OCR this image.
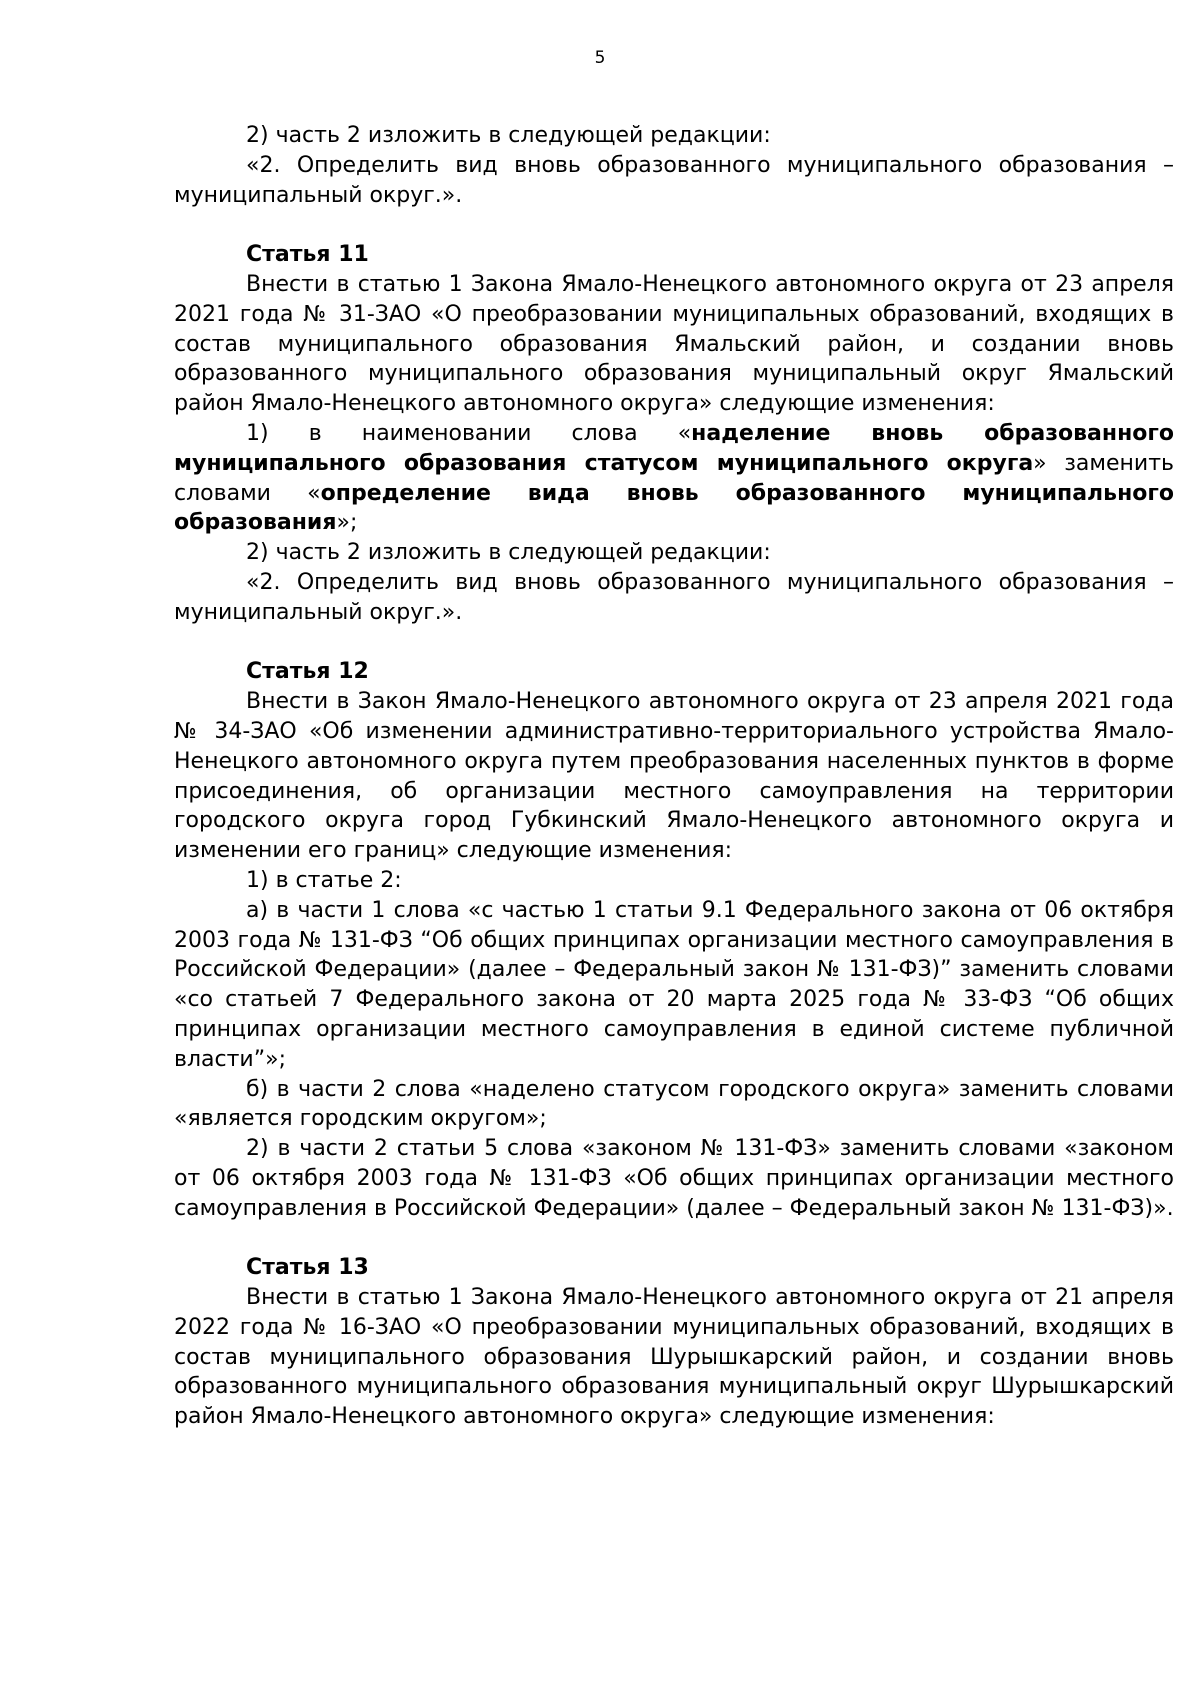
5

2) часть 2 изложить в следующей редакции:

«2. Определить вид вновь образованного муниципального образования – муниципальный округ.».

Статья 11

Внести в статью 1 Закона Ямало-Ненецкого автономного округа от 23 апреля 2021 года № 31-ЗАО «О преобразовании муниципальных образований, входящих в состав муниципального образования Ямальский район, и создании вновь образованного муниципального образования муниципальный округ Ямальский район Ямало-Ненецкого автономного округа» следующие изменения:

1) в наименовании слова «наделение вновь образованного муниципального образования статусом муниципального округа» заменить словами «определение вида вновь образованного муниципального образования»;

2) часть 2 изложить в следующей редакции:

«2. Определить вид вновь образованного муниципального образования – муниципальный округ.».

Статья 12

Внести в Закон Ямало-Ненецкого автономного округа от 23 апреля 2021 года № 34-ЗАО «Об изменении административно-территориального устройства Ямало-Ненецкого автономного округа путем преобразования населенных пунктов в форме присоединения, об организации местного самоуправления на территории городского округа город Губкинский Ямало-Ненецкого автономного округа и изменении его границ» следующие изменения:

1) в статье 2:

а) в части 1 слова «с частью 1 статьи 9.1 Федерального закона от 06 октября 2003 года № 131-ФЗ “Об общих принципах организации местного самоуправления в Российской Федерации» (далее – Федеральный закон № 131-ФЗ)” заменить словами «со статьей 7 Федерального закона от 20 марта 2025 года № 33-ФЗ “Об общих принципах организации местного самоуправления в единой системе публичной власти”»;

б) в части 2 слова «наделено статусом городского округа» заменить словами «является городским округом»;

2) в части 2 статьи 5 слова «законом № 131-ФЗ» заменить словами «законом от 06 октября 2003 года № 131-ФЗ «Об общих принципах организации местного самоуправления в Российской Федерации» (далее – Федеральный закон № 131-ФЗ)».

Статья 13

Внести в статью 1 Закона Ямало-Ненецкого автономного округа от 21 апреля 2022 года № 16-ЗАО «О преобразовании муниципальных образований, входящих в состав муниципального образования Шурышкарский район, и создании вновь образованного муниципального образования муниципальный округ Шурышкарский район Ямало-Ненецкого автономного округа» следующие изменения:
